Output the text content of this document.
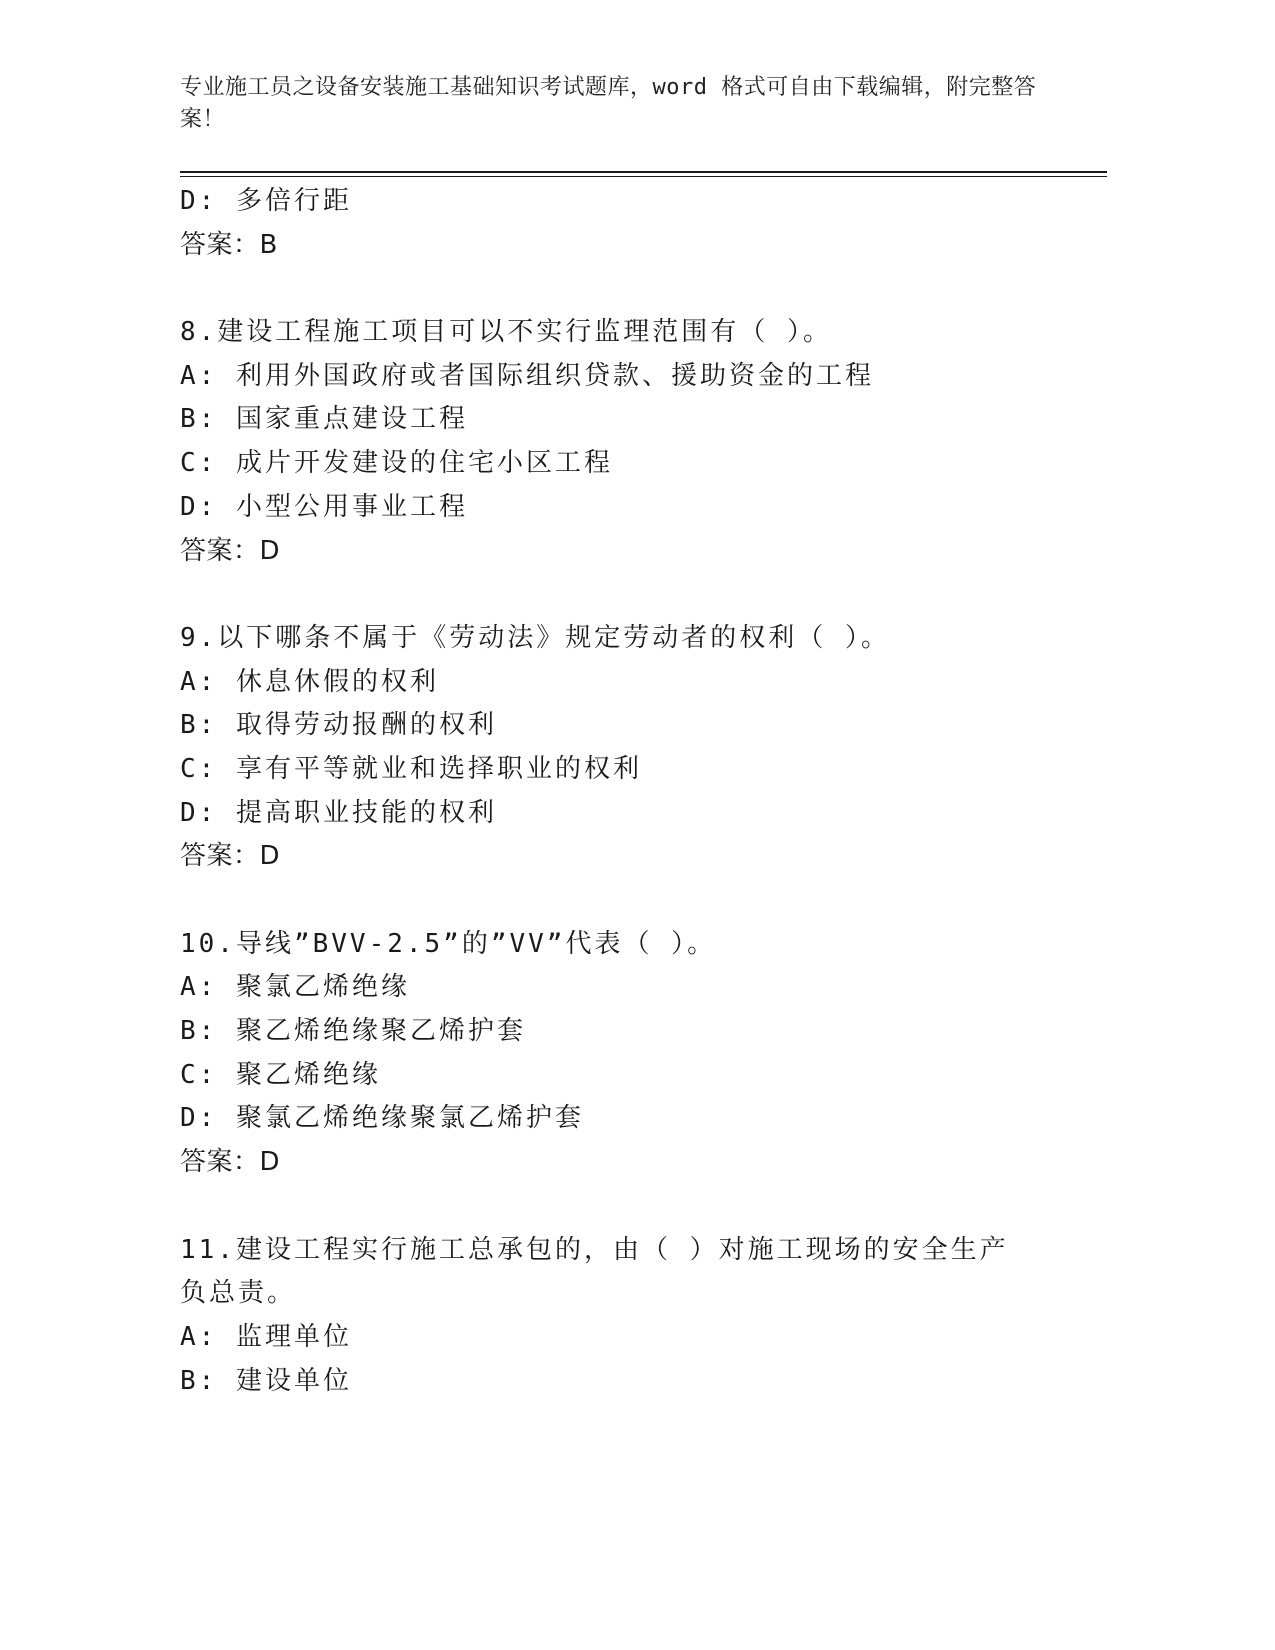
专业施工员之设备安装施工基础知识考试题库，word 格式可自由下载编辑，附完整答案！
D: 多倍行距
答案：B
8.建设工程施工项目可以不实行监理范围有（ ）。
A: 利用外国政府或者国际组织贷款、援助资金的工程
B: 国家重点建设工程
C: 成片开发建设的住宅小区工程
D: 小型公用事业工程
答案：D
9.以下哪条不属于《劳动法》规定劳动者的权利（ ）。
A: 休息休假的权利
B: 取得劳动报酬的权利
C: 享有平等就业和选择职业的权利
D: 提高职业技能的权利
答案：D
10.导线”BVV-2.5”的”VV”代表（ ）。
A: 聚氯乙烯绝缘
B: 聚乙烯绝缘聚乙烯护套
C: 聚乙烯绝缘
D: 聚氯乙烯绝缘聚氯乙烯护套
答案：D
11.建设工程实行施工总承包的，由（ ）对施工现场的安全生产负总责。
A: 监理单位
B: 建设单位
